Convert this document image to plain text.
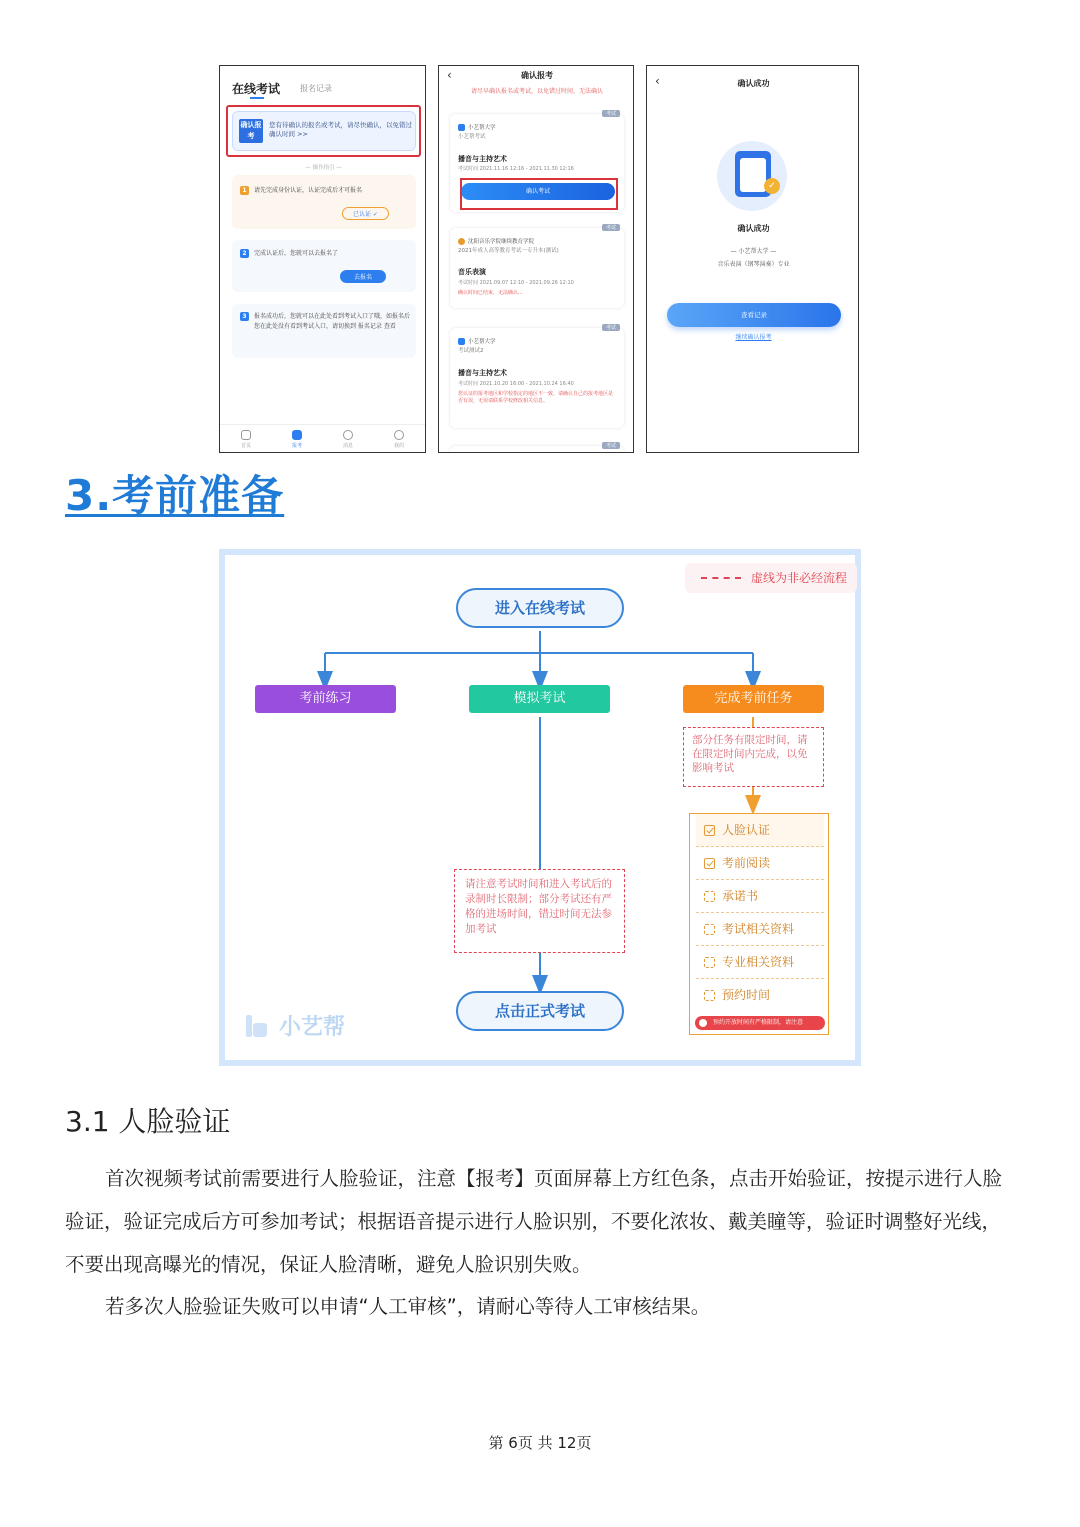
在线考试 报名记录
确认报考
您有待确认的报名或考试，请尽快确认，以免错过确认时间 >>
— 操作指引 —
1	请先完成身份认证，认证完成后才可报名
已认证 ✓
2	完成认证后，您就可以去报名了
去报名
3	报名成功后，您就可以在此处看到考试入口了哦，如报名后您在此处没有看到考试入口，请切换到 报名记录 查看
首页	报考	消息	我的
‹	确认报考
请尽早确认报名或考试，以免错过时间，无法确认
考试
小艺帮大学
小艺帮考试
播音与主持艺术
考试时间 2021.11.16 12:16 - 2021.11.30 12:16
确认考试
考试
沈阳音乐学院继续教育学院
2021年成人高等教育考试一专升本(测试)
音乐表演
考试时间 2021.09.07 12:10 - 2021.09.26 12:10
确认时间已结束，无法确认...
考试
小艺帮大学
考试测试2
播音与主持艺术
考试时间 2021.10.20 16:00 - 2021.10.24 16:40
您认证的报考地区和学校指定的地区不一致，请确认自己的报考地区是否有误，无误请联系学校修改相关信息。
考试
‹	确认成功
✓
确认成功
— 小艺帮大学 —
音乐表演（钢琴演奏）专业
查看记录
继续确认报考
3.考前准备
虚线为非必经流程
进入在线考试
考前练习	模拟考试	完成考前任务
部分任务有限定时间，请在限定时间内完成，以免影响考试
请注意考试时间和进入考试后的录制时长限制；部分考试还有严格的进场时间，错过时间无法参加考试
点击正式考试
人脸认证
考前阅读
承诺书
考试相关资料
专业相关资料
预约时间
预约开放时间有严格限制，请注意
小艺帮
3.1 人脸验证
首次视频考试前需要进行人脸验证，注意【报考】页面屏幕上方红色条，点击开始验证，按提示进行人脸验证，验证完成后方可参加考试；根据语音提示进行人脸识别，不要化浓妆、戴美瞳等，验证时调整好光线，不要出现高曝光的情况，保证人脸清晰，避免人脸识别失败。
若多次人脸验证失败可以申请“人工审核”，请耐心等待人工审核结果。
第 6页 共 12页
